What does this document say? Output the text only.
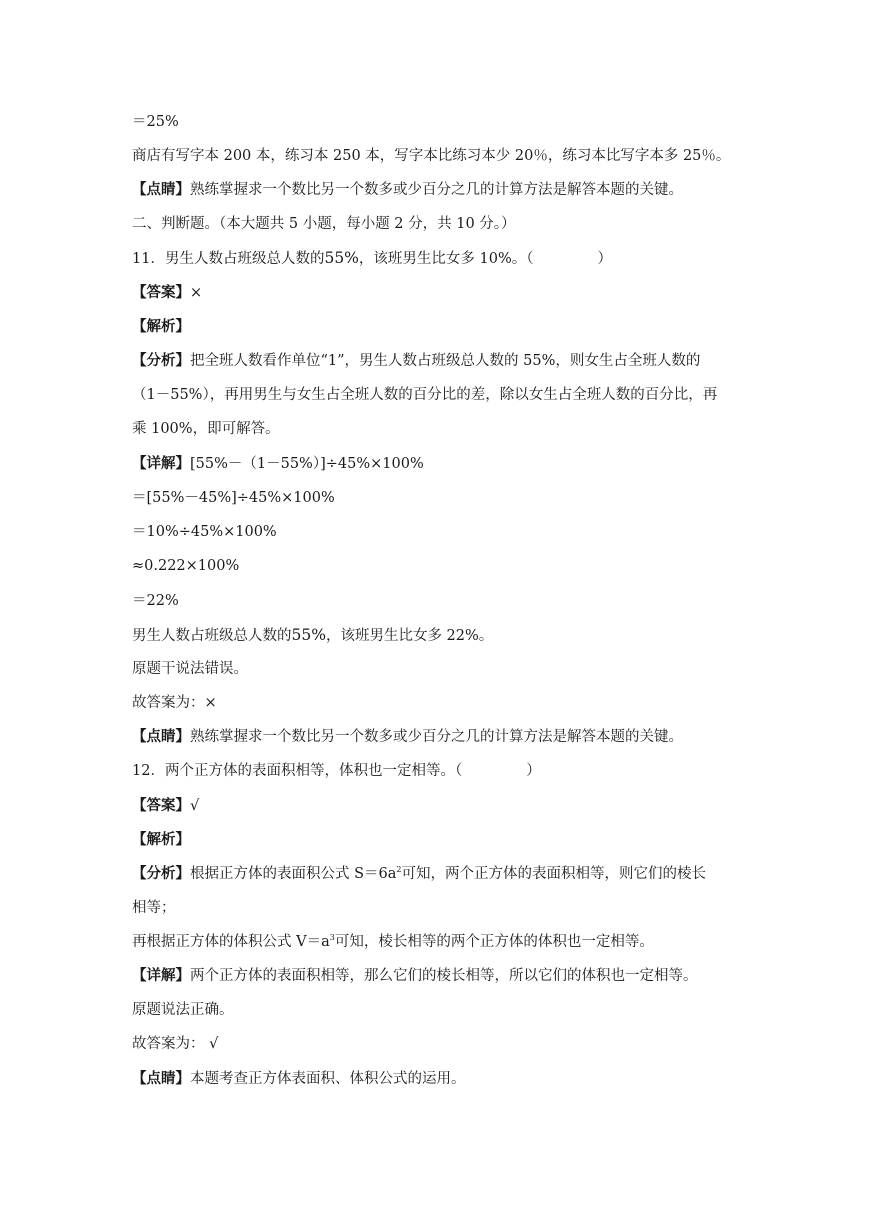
＝25%
商店有写字本 200 本，练习本 250 本，写字本比练习本少 20％，练习本比写字本多 25％。
【点睛】熟练掌握求一个数比另一个数多或少百分之几的计算方法是解答本题的关键。
二、判断题。（本大题共 5 小题，每小题 2 分，共 10 分。）
11．男生人数占班级总人数的55%，该班男生比女多 10%。（	）
【答案】×
【解析】
【分析】把全班人数看作单位“1”，男生人数占班级总人数的 55%，则女生占全班人数的
（1－55%），再用男生与女生占全班人数的百分比的差，除以女生占全班人数的百分比，再
乘 100%，即可解答。
【详解】[55%－（1－55%）]÷45%×100%
＝[55%－45%]÷45%×100%
＝10%÷45%×100%
≈0.222×100%
＝22%
男生人数占班级总人数的55%，该班男生比女多 22%。
原题干说法错误。
故答案为：×
【点睛】熟练掌握求一个数比另一个数多或少百分之几的计算方法是解答本题的关键。
12．两个正方体的表面积相等，体积也一定相等。（	）
【答案】√
【解析】
【分析】根据正方体的表面积公式 $S=6a^2$可知，两个正方体的表面积相等，则它们的棱长
相等；
再根据正方体的体积公式 $V=a^3$可知，棱长相等的两个正方体的体积也一定相等。
【详解】两个正方体的表面积相等，那么它们的棱长相等，所以它们的体积也一定相等。
原题说法正确。
故答案为： √
【点睛】本题考查正方体表面积、体积公式的运用。
